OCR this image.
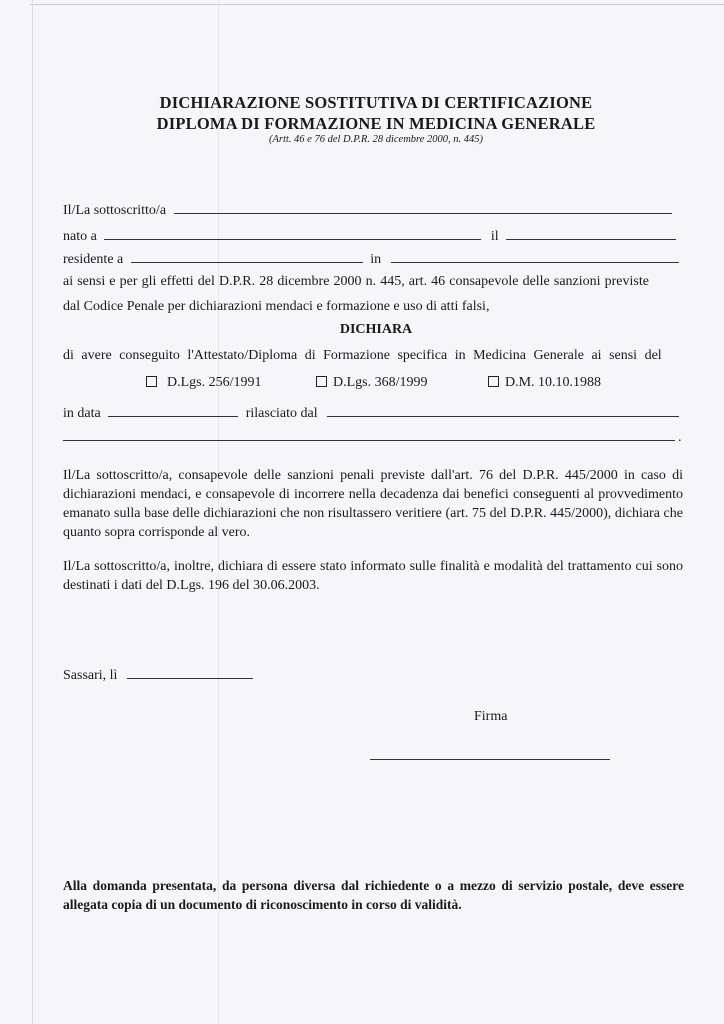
DICHIARAZIONE SOSTITUTIVA DI CERTIFICAZIONE
DIPLOMA DI FORMAZIONE IN MEDICINA GENERALE
(Artt. 46 e 76 del D.P.R. 28 dicembre 2000, n. 445)
Il/La sottoscritto/a
nato a	il
residente a	in
ai sensi e per gli effetti del D.P.R. 28 dicembre 2000 n. 445, art. 46 consapevole delle sanzioni previste
dal Codice Penale per dichiarazioni mendaci e formazione e uso di atti falsi,
DICHIARA
di avere conseguito l'Attestato/Diploma di Formazione specifica in Medicina Generale ai sensi del
D.Lgs. 256/1991	D.Lgs. 368/1999	D.M. 10.10.1988
in data	rilasciato dal
.
Il/La sottoscritto/a, consapevole delle sanzioni penali previste dall'art. 76 del D.P.R. 445/2000 in caso di dichiarazioni mendaci, e consapevole di incorrere nella decadenza dai benefici conseguenti al provvedimento emanato sulla base delle dichiarazioni che non risultassero veritiere (art. 75 del D.P.R. 445/2000), dichiara che quanto sopra corrisponde al vero.
Il/La sottoscritto/a, inoltre, dichiara di essere stato informato sulle finalità e modalità del trattamento cui sono destinati i dati del D.Lgs. 196 del 30.06.2003.
Sassari, lì
Firma
Alla domanda presentata, da persona diversa dal richiedente o a mezzo di servizio postale, deve essere allegata copia di un documento di riconoscimento in corso di validità.
